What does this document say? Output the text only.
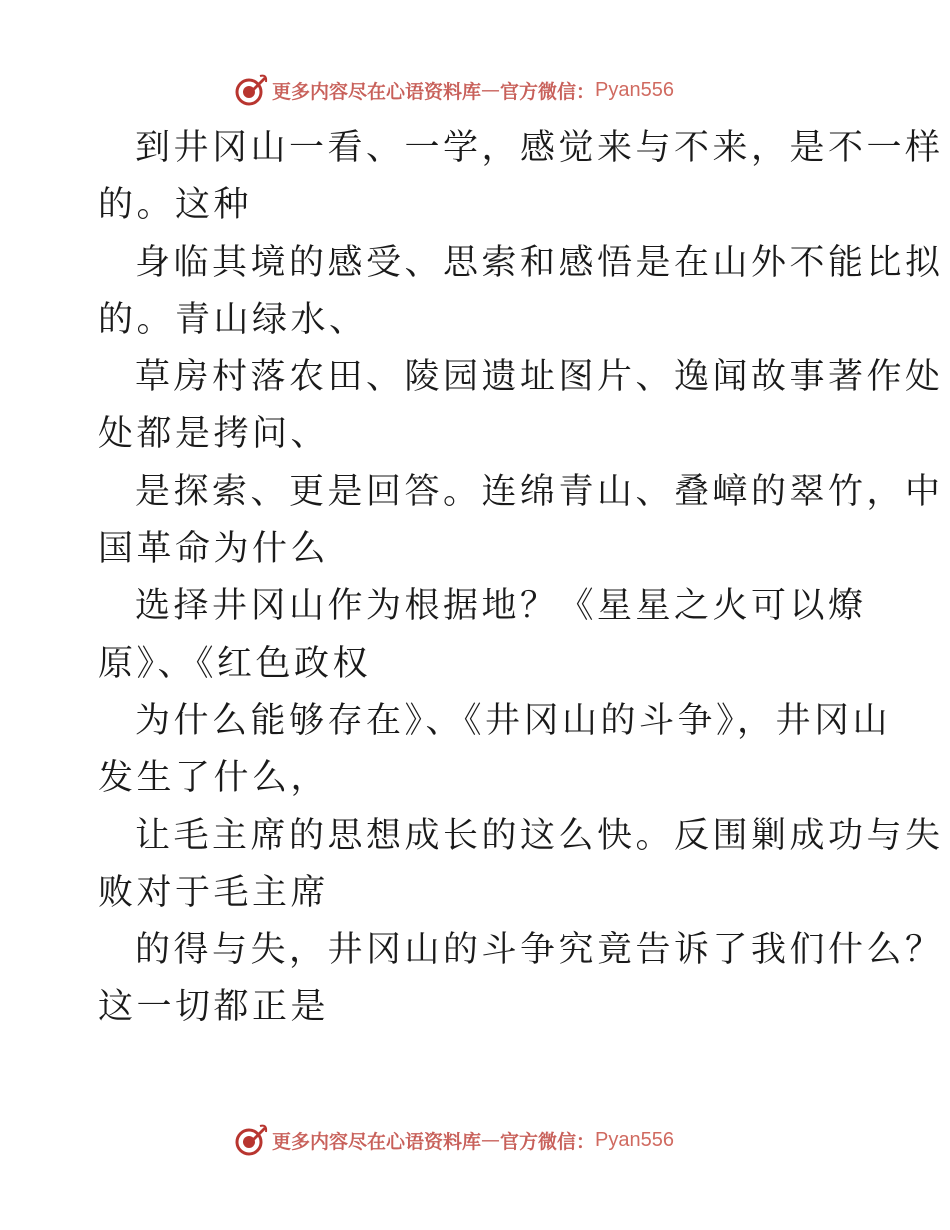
更多内容尽在心语资料库 — 官方微信： Pyan556
到井冈山一看、一学，感觉来与不来，是不一样
的。这种
身临其境的感受、思索和感悟是在山外不能比拟
的。青山绿水、
草房村落农田、陵园遗址图片、逸闻故事著作处
处都是拷问、
是探索、更是回答。连绵青山、叠嶂的翠竹，中
国革命为什么
选择井冈山作为根据地？《星星之火可以燎
原》、《红色政权
为什么能够存在》、《井冈山的斗争》，井冈山
发生了什么，
让毛主席的思想成长的这么快。反围剿成功与失
败对于毛主席
的得与失，井冈山的斗争究竟告诉了我们什么？
这一切都正是
更多内容尽在心语资料库 — 官方微信： Pyan556
